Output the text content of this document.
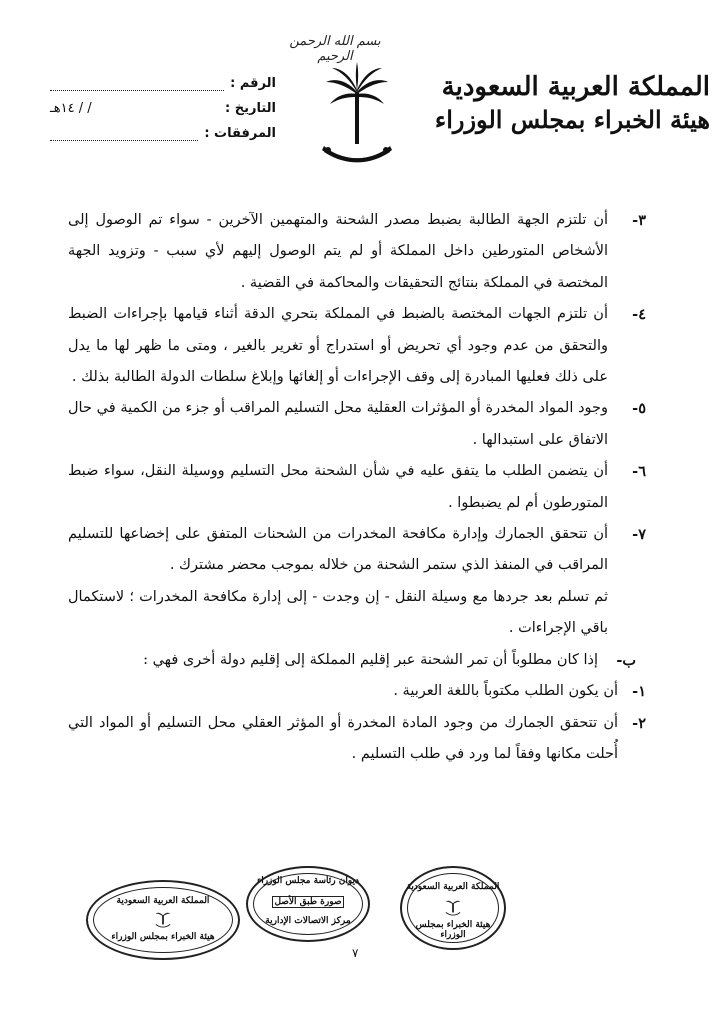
بسم الله الرحمن الرحيم
المملكة العربية السعودية
هيئة الخبراء بمجلس الوزراء
الرقم :
التاريخ :
/ / ١٤هـ
المرفقات :
٣-

أن تلتزم الجهة الطالبة بضبط مصدر الشحنة والمتهمين الآخرين - سواء تم الوصول إلى الأشخاص المتورطين داخل المملكة أو لم يتم الوصول إليهم لأي سبب - وتزويد الجهة المختصة في المملكة بنتائج التحقيقات والمحاكمة في القضية .

٤-

أن تلتزم الجهات المختصة بالضبط في المملكة بتحري الدقة أثناء قيامها بإجراءات الضبط والتحقق من عدم وجود أي تحريض أو استدراج أو تغرير بالغير ، ومتى ما ظهر لها ما يدل على ذلك فعليها المبادرة إلى وقف الإجراءات أو إلغائها وإبلاغ سلطات الدولة الطالبة بذلك .

٥-

وجود المواد المخدرة أو المؤثرات العقلية محل التسليم المراقب أو جزء من الكمية في حال الاتفاق على استبدالها .

٦-

أن يتضمن الطلب ما يتفق عليه في شأن الشحنة محل التسليم ووسيلة النقل، سواء ضبط المتورطون أم لم يضبطوا .

٧-

أن تتحقق الجمارك وإدارة مكافحة المخدرات من الشحنات المتفق على إخضاعها للتسليم المراقب في المنفذ الذي ستمر الشحنة من خلاله بموجب محضر مشترك .

ثم تسلم بعد جردها مع وسيلة النقل - إن وجدت - إلى إدارة مكافحة المخدرات ؛ لاستكمال باقي الإجراءات .

ب-

إذا كان مطلوباً أن تمر الشحنة عبر إقليم المملكة إلى إقليم دولة أخرى فهي :

١-

أن يكون الطلب مكتوباً باللغة العربية .

٢-

أن تتحقق الجمارك من وجود المادة المخدرة أو المؤثر العقلي محل التسليم أو المواد التي أُحلت مكانها وفقاً لما ورد في طلب التسليم .

المملكة العربية السعودية
هيئة الخبراء بمجلس الوزراء
ديوان رئاسة مجلس الوزراء
صورة طبق الأصل
مركز الاتصالات الإدارية
المملكة العربية السعودية
هيئة الخبراء بمجلس الوزراء
٧
